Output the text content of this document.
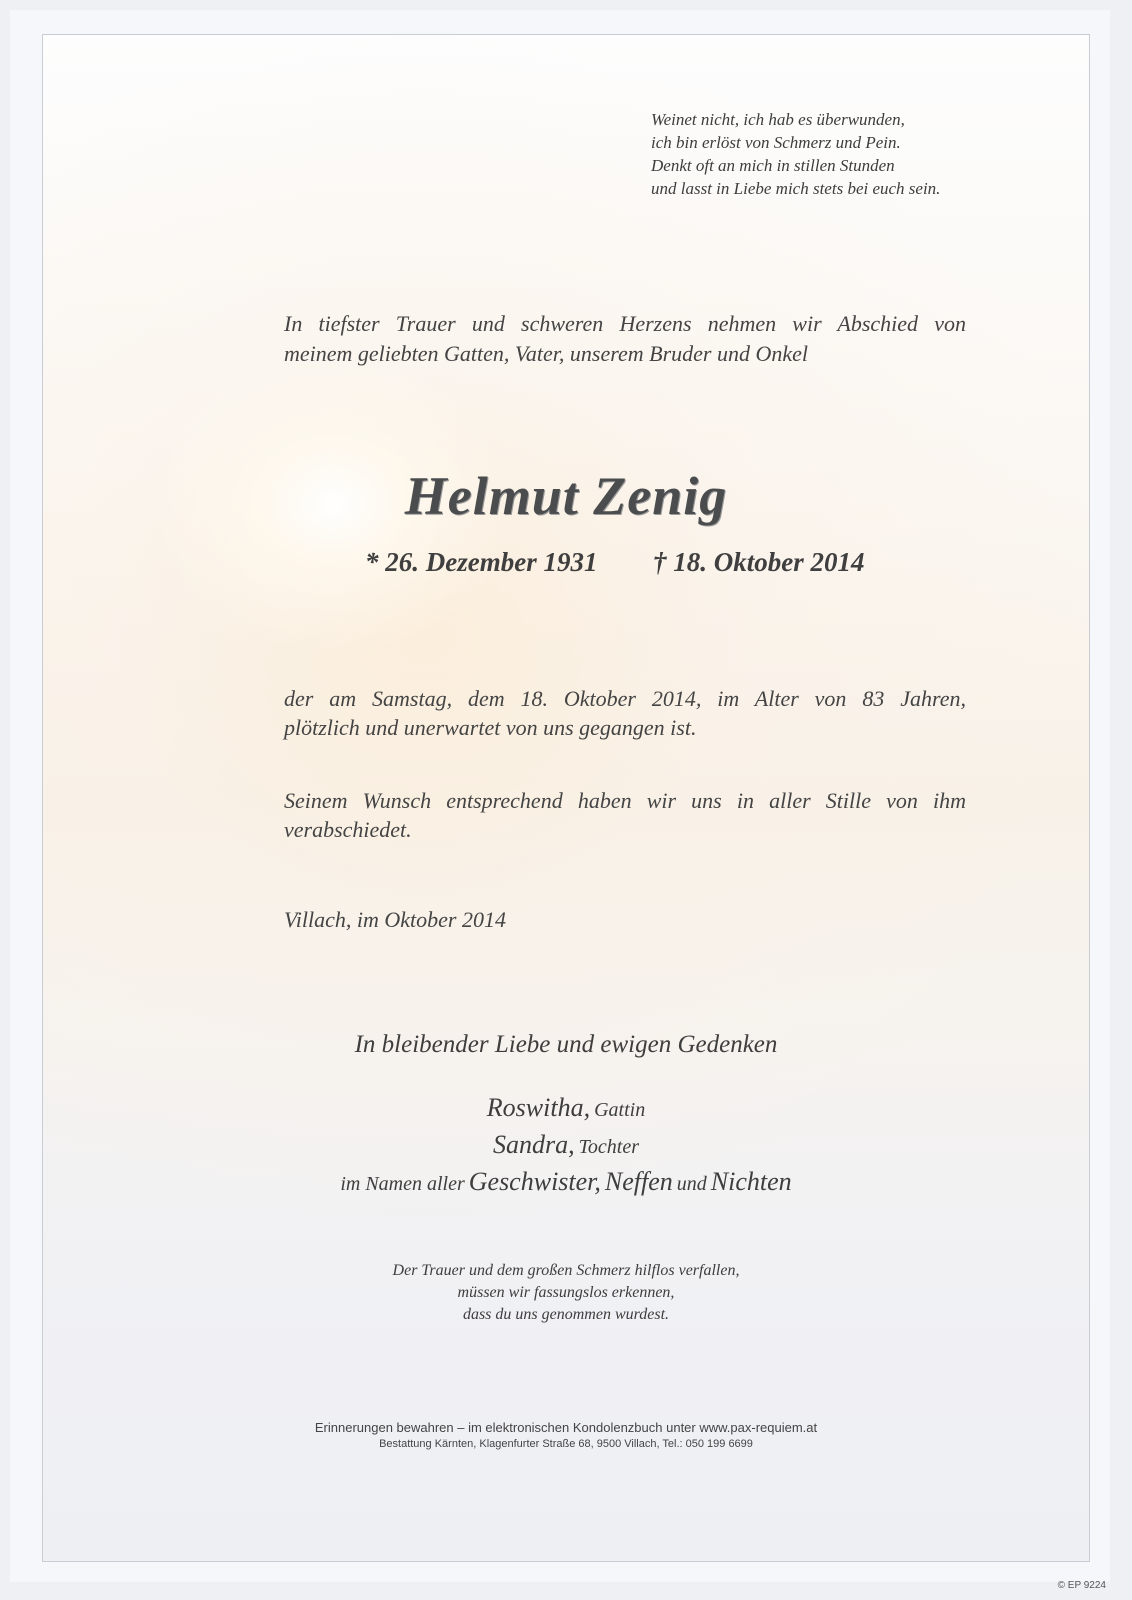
Weinet nicht, ich hab es überwunden,
ich bin erlöst von Schmerz und Pein.
Denkt oft an mich in stillen Stunden
und lasst in Liebe mich stets bei euch sein.
In tiefster Trauer und schweren Herzens nehmen wir Abschied von
meinem geliebten Gatten, Vater, unserem Bruder und Onkel
Helmut Zenig
* 26. Dezember 1931 † 18. Oktober 2014
der am Samstag, dem 18. Oktober 2014, im Alter von 83 Jahren,
plötzlich und unerwartet von uns gegangen ist.
Seinem Wunsch entsprechend haben wir uns in aller Stille von ihm
verabschiedet.
Villach, im Oktober 2014
In bleibender Liebe und ewigen Gedenken
Roswitha, Gattin
Sandra, Tochter
im Namen aller Geschwister, Neffen und Nichten
Der Trauer und dem großen Schmerz hilflos verfallen,
müssen wir fassungslos erkennen,
dass du uns genommen wurdest.
Erinnerungen bewahren – im elektronischen Kondolenzbuch unter www.pax-requiem.at
Bestattung Kärnten, Klagenfurter Straße 68, 9500 Villach, Tel.: 050 199 6699
© EP 9224
